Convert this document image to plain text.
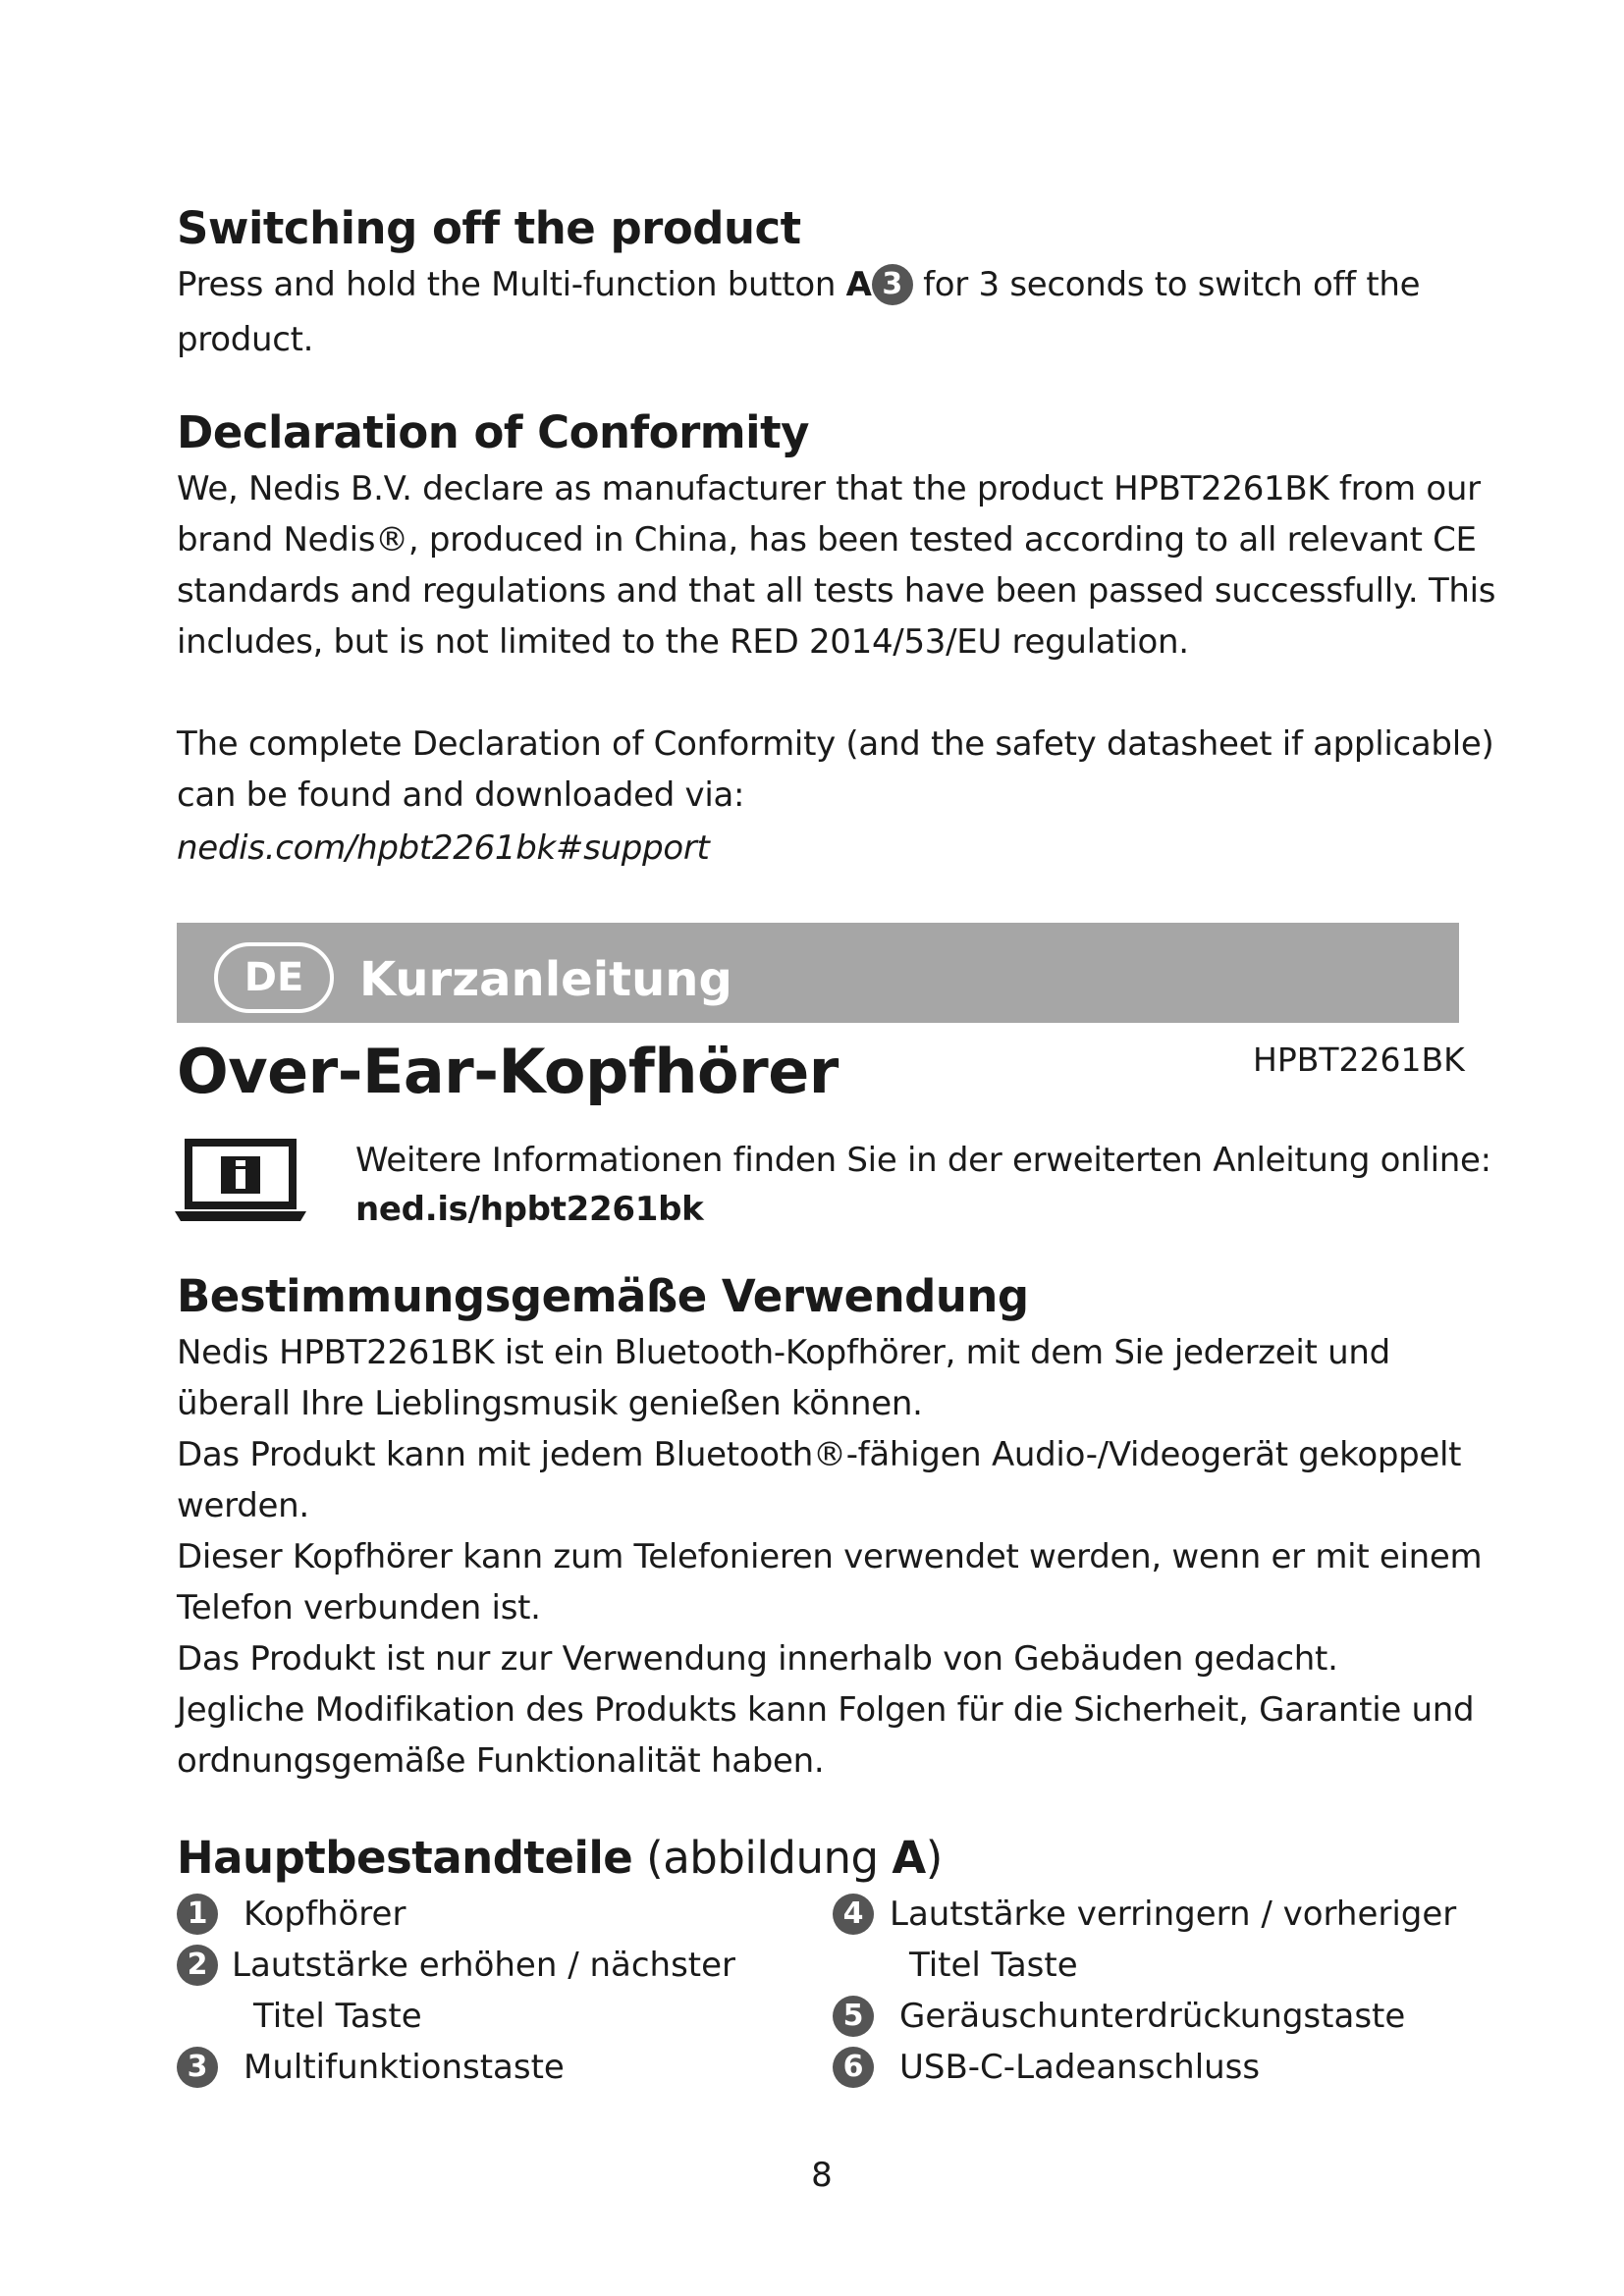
Switching off the product

Press and hold the Multi-function button A 3 for 3 seconds to switch off the

product.

Declaration of Conformity

We, Nedis B.V. declare as manufacturer that the product HPBT2261BK from our

brand Nedis®, produced in China, has been tested according to all relevant CE

standards and regulations and that all tests have been passed successfully. This

includes, but is not limited to the RED 2014/53/EU regulation.

The complete Declaration of Conformity (and the safety datasheet if applicable)

can be found and downloaded via:

nedis.com/hpbt2261bk#support

DE	Kurzanleitung
Over-Ear-Kopfhörer	HPBT2261BK

Weitere Informationen finden Sie in der erweiterten Anleitung online:

ned.is/hpbt2261bk

Bestimmungsgemäße Verwendung

Nedis HPBT2261BK ist ein Bluetooth-Kopfhörer, mit dem Sie jederzeit und

überall Ihre Lieblingsmusik genießen können.

Das Produkt kann mit jedem Bluetooth®-fähigen Audio-/Videogerät gekoppelt

werden.

Dieser Kopfhörer kann zum Telefonieren verwendet werden, wenn er mit einem

Telefon verbunden ist.

Das Produkt ist nur zur Verwendung innerhalb von Gebäuden gedacht.

Jegliche Modifikation des Produkts kann Folgen für die Sicherheit, Garantie und

ordnungsgemäße Funktionalität haben.

Hauptbestandteile (abbildung A)
1 Kopfhörer
2 Lautstärke erhöhen / nächster
Titel Taste
3 Multifunktionstaste
4 Lautstärke verringern / vorheriger
Titel Taste
5 Geräuschunterdrückungstaste
6 USB-C-Ladeanschluss
8
